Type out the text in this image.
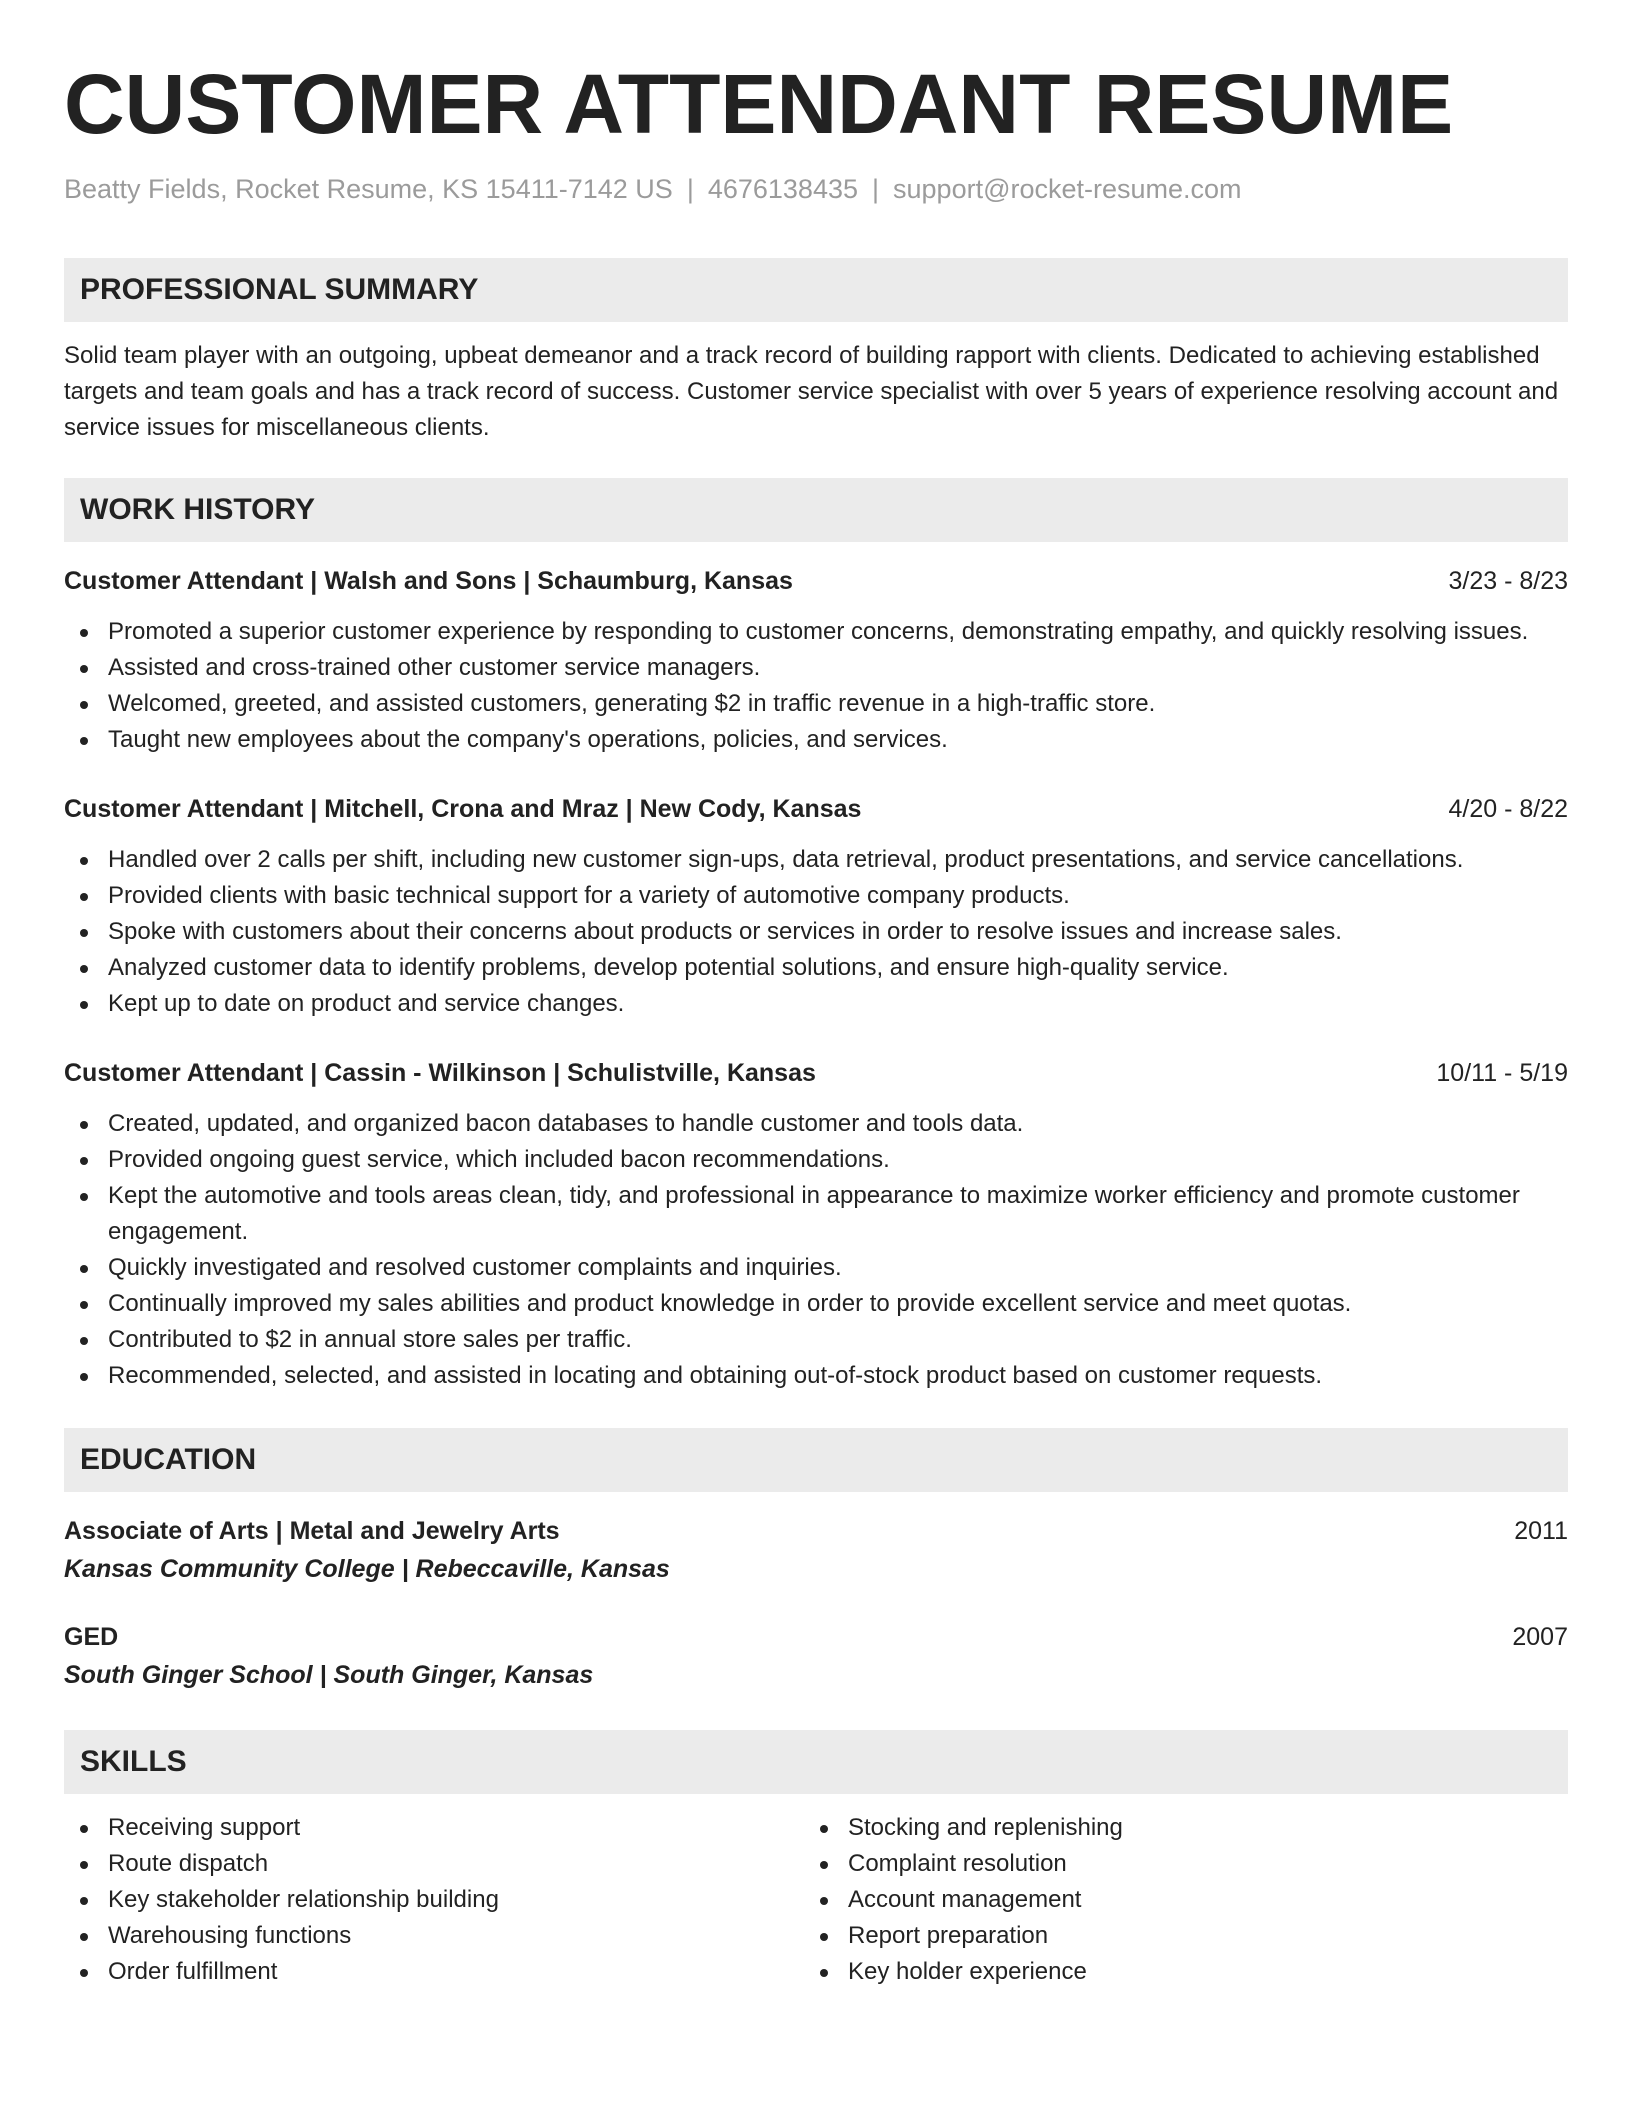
CUSTOMER ATTENDANT RESUME
Beatty Fields, Rocket Resume, KS 15411-7142 US | 4676138435 | support@rocket-resume.com
PROFESSIONAL SUMMARY

Solid team player with an outgoing, upbeat demeanor and a track record of building rapport with clients. Dedicated to achieving established targets and team goals and has a track record of success. Customer service specialist with over 5 years of experience resolving account and service issues for miscellaneous clients.

WORK HISTORY
Customer Attendant | Walsh and Sons | Schaumburg, Kansas	3/23 - 8/23
Promoted a superior customer experience by responding to customer concerns, demonstrating empathy, and quickly resolving issues.
Assisted and cross-trained other customer service managers.
Welcomed, greeted, and assisted customers, generating $2 in traffic revenue in a high-traffic store.
Taught new employees about the company's operations, policies, and services.
Customer Attendant | Mitchell, Crona and Mraz | New Cody, Kansas	4/20 - 8/22
Handled over 2 calls per shift, including new customer sign-ups, data retrieval, product presentations, and service cancellations.
Provided clients with basic technical support for a variety of automotive company products.
Spoke with customers about their concerns about products or services in order to resolve issues and increase sales.
Analyzed customer data to identify problems, develop potential solutions, and ensure high-quality service.
Kept up to date on product and service changes.
Customer Attendant | Cassin - Wilkinson | Schulistville, Kansas	10/11 - 5/19
Created, updated, and organized bacon databases to handle customer and tools data.
Provided ongoing guest service, which included bacon recommendations.
Kept the automotive and tools areas clean, tidy, and professional in appearance to maximize worker efficiency and promote customer engagement.
Quickly investigated and resolved customer complaints and inquiries.
Continually improved my sales abilities and product knowledge in order to provide excellent service and meet quotas.
Contributed to $2 in annual store sales per traffic.
Recommended, selected, and assisted in locating and obtaining out-of-stock product based on customer requests.
EDUCATION
Associate of Arts | Metal and Jewelry Arts	2011
Kansas Community College | Rebeccaville, Kansas
GED	2007
South Ginger School | South Ginger, Kansas
SKILLS
Receiving support
Route dispatch
Key stakeholder relationship building
Warehousing functions
Order fulfillment
Stocking and replenishing
Complaint resolution
Account management
Report preparation
Key holder experience
